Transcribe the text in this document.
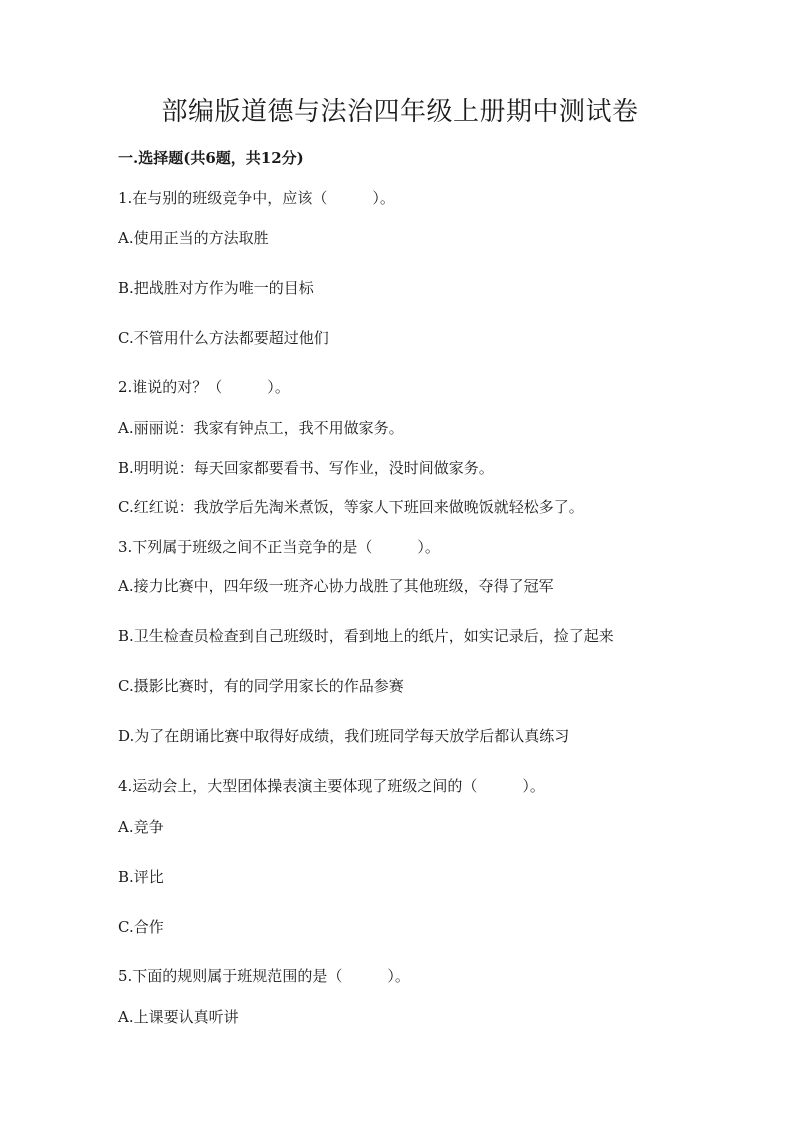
部编版道德与法治四年级上册期中测试卷
一.选择题(共6题，共12分)
1.在与别的班级竞争中，应该（　　　）。
A.使用正当的方法取胜
B.把战胜对方作为唯一的目标
C.不管用什么方法都要超过他们
2.谁说的对？（　　　）。
A.丽丽说：我家有钟点工，我不用做家务。
B.明明说：每天回家都要看书、写作业，没时间做家务。
C.红红说：我放学后先淘米煮饭，等家人下班回来做晚饭就轻松多了。
3.下列属于班级之间不正当竞争的是（　　　）。
A.接力比赛中，四年级一班齐心协力战胜了其他班级，夺得了冠军
B.卫生检查员检查到自己班级时，看到地上的纸片，如实记录后，捡了起来
C.摄影比赛时，有的同学用家长的作品参赛
D.为了在朗诵比赛中取得好成绩，我们班同学每天放学后都认真练习
4.运动会上，大型团体操表演主要体现了班级之间的（　　　）。
A.竞争
B.评比
C.合作
5.下面的规则属于班规范围的是（　　　）。
A.上课要认真听讲
